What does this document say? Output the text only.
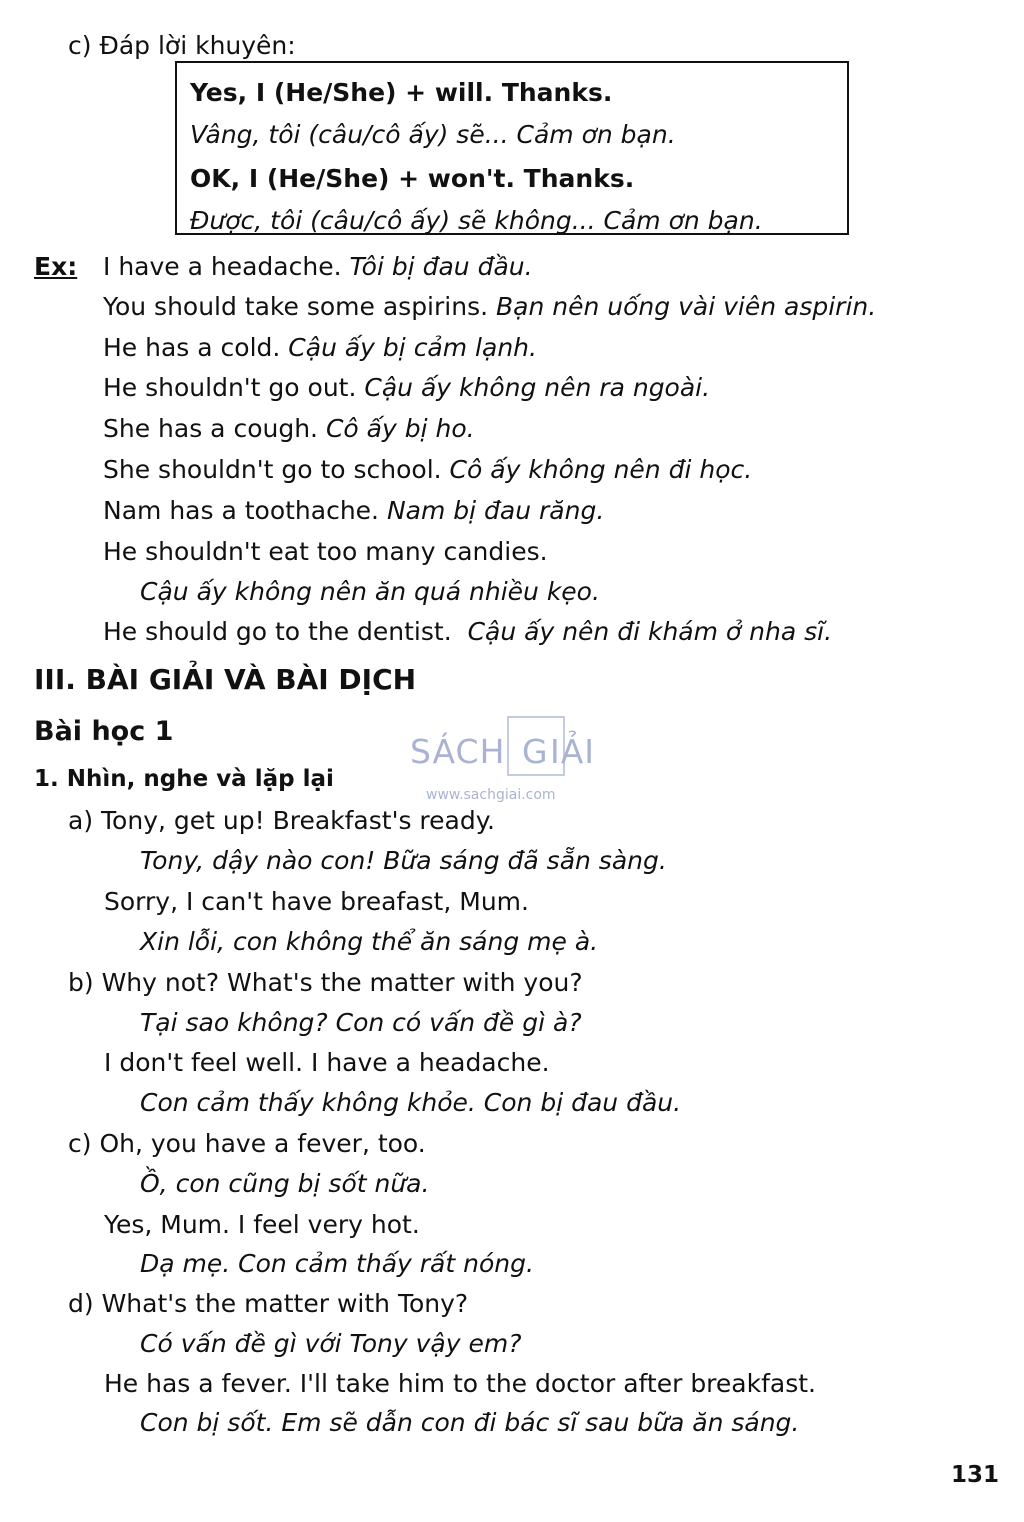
c) Đáp lời khuyên:
Yes, I (He/She) + will. Thanks.
Vâng, tôi (câu/cô ấy) sẽ... Cảm ơn bạn.
OK, I (He/She) + won't. Thanks.
Được, tôi (câu/cô ấy) sẽ không... Cảm ơn bạn.
Ex: I have a headache. Tôi bị đau đầu.
You should take some aspirins. Bạn nên uống vài viên aspirin.
He has a cold. Cậu ấy bị cảm lạnh.
He shouldn't go out. Cậu ấy không nên ra ngoài.
She has a cough. Cô ấy bị ho.
She shouldn't go to school. Cô ấy không nên đi học.
Nam has a toothache. Nam bị đau răng.
He shouldn't eat too many candies.
Cậu ấy không nên ăn quá nhiều kẹo.
He should go to the dentist. Cậu ấy nên đi khám ở nha sĩ.
III. BÀI GIẢI VÀ BÀI DỊCH
Bài học 1
1. Nhìn, nghe và lặp lại
SÁCH G IẢI
www.sachgiai.com
a) Tony, get up! Breakfast's ready.
Tony, dậy nào con! Bữa sáng đã sẵn sàng.
Sorry, I can't have breafast, Mum.
Xin lỗi, con không thể ăn sáng mẹ à.
b) Why not? What's the matter with you?
Tại sao không? Con có vấn đề gì à?
I don't feel well. I have a headache.
Con cảm thấy không khỏe. Con bị đau đầu.
c) Oh, you have a fever, too.
Ồ, con cũng bị sốt nữa.
Yes, Mum. I feel very hot.
Dạ mẹ. Con cảm thấy rất nóng.
d) What's the matter with Tony?
Có vấn đề gì với Tony vậy em?
He has a fever. I'll take him to the doctor after breakfast.
Con bị sốt. Em sẽ dẫn con đi bác sĩ sau bữa ăn sáng.
131
